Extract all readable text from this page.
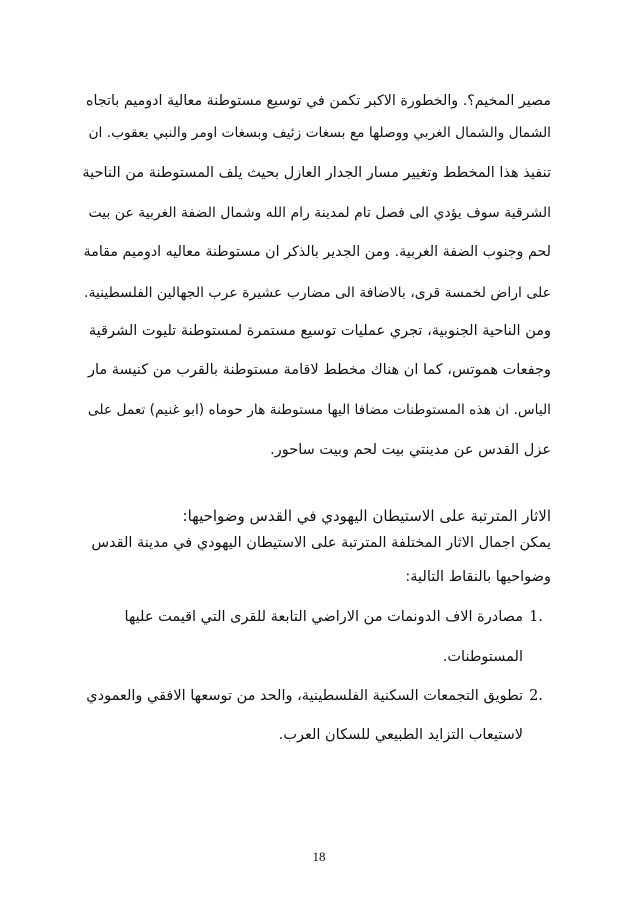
مصير المخيم؟. والخطورة الاكبر تكمن في توسيع مستوطنة معالية ادوميم باتجاه
الشمال والشمال الغربي ووصلها مع بسغات زئيف وبسغات اومر والنبي يعقوب. ان
تنفيذ هذا المخطط وتغيير مسار الجدار العازل بحيث يلف المستوطنة من الناحية
الشرقية سوف يؤدي الى فصل تام لمدينة رام الله وشمال الضفة الغربية عن بيت
لحم وجنوب الضفة الغربية. ومن الجدير بالذكر ان مستوطنة معاليه ادوميم مقامة
على اراض لخمسة قرى، بالاضافة الى مضارب عشيرة عرب الجهالين الفلسطينية.
ومن الناحية الجنوبية، تجري عمليات توسيع مستمرة لمستوطنة تليوت الشرقية
وجفعات هموتس، كما ان هناك مخطط لاقامة مستوطنة بالقرب من كنيسة مار
الياس. ان هذه المستوطنات مضافا اليها مستوطنة هار حوماه (ابو غنيم) تعمل على
عزل القدس عن مدينتي بيت لحم وبيت ساحور.
الاثار المترتبة على الاستيطان اليهودي في القدس وضواحيها:
يمكن اجمال الاثار المختلفة المترتبة على الاستيطان اليهودي في مدينة القدس
وضواحيها بالنقاط التالية:
1.
مصادرة الاف الدونمات من الاراضي التابعة للقرى التي اقيمت عليها
المستوطنات.
2.
تطويق التجمعات السكنية الفلسطينية، والحد من توسعها الافقي والعمودي
لاستيعاب التزايد الطبيعي للسكان العرب.
18
